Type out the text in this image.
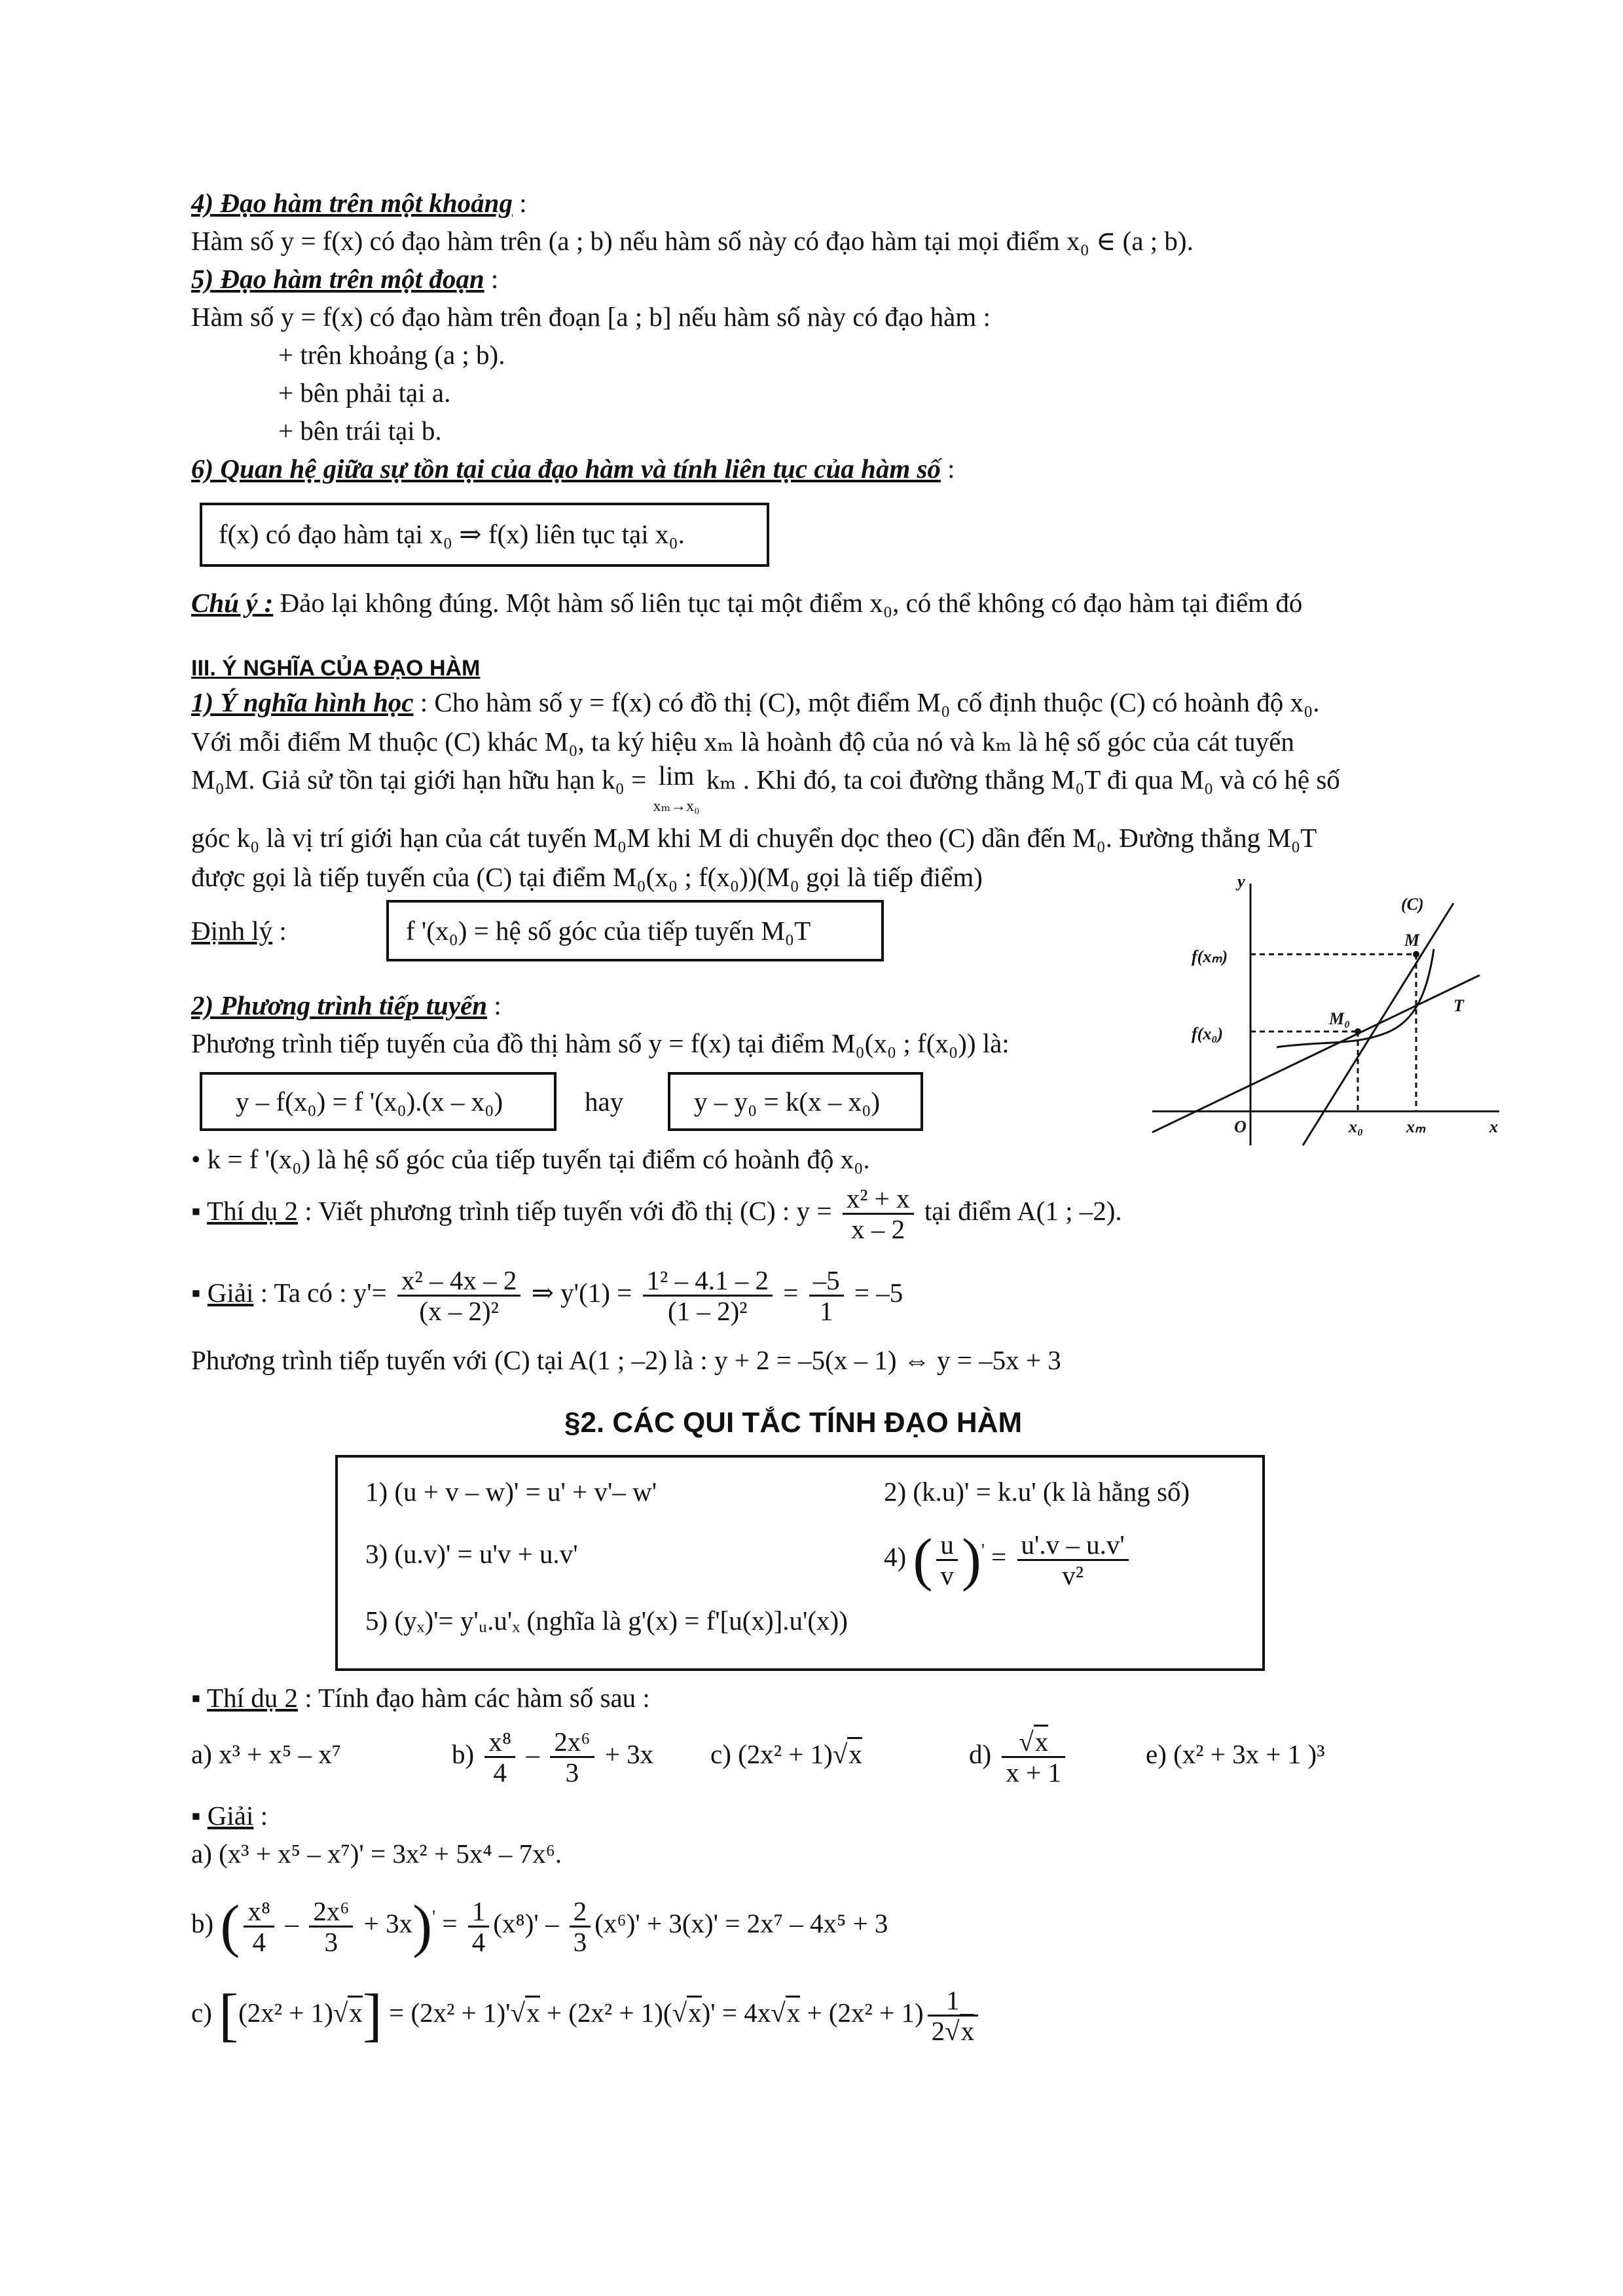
4) Đạo hàm trên một khoảng :
Hàm số y = f(x) có đạo hàm trên (a ; b) nếu hàm số này có đạo hàm tại mọi điểm x₀ ∈ (a ; b).
5) Đạo hàm trên một đoạn :
Hàm số y = f(x) có đạo hàm trên đoạn [a ; b] nếu hàm số này có đạo hàm :
+ trên khoảng (a ; b).
+ bên phải tại a.
+ bên trái tại b.
6) Quan hệ giữa sự tồn tại của đạo hàm và tính liên tục của hàm số :
f(x) có đạo hàm tại x₀ ⇒ f(x) liên tục tại x₀.
Chú ý : Đảo lại không đúng. Một hàm số liên tục tại một điểm x₀, có thể không có đạo hàm tại điểm đó
III. Ý NGHĨA CỦA ĐẠO HÀM
1) Ý nghĩa hình học : Cho hàm số y = f(x) có đồ thị (C), một điểm M₀ cố định thuộc (C) có hoành độ x₀.
Với mỗi điểm M thuộc (C) khác M₀, ta ký hiệu xₘ là hoành độ của nó và kₘ là hệ số góc của cát tuyến
M₀M. Giả sử tồn tại giới hạn hữu hạn k₀ = lim
xₘ→x₀ kₘ . Khi đó, ta coi đường thẳng M₀T đi qua M₀ và có hệ số
góc k₀ là vị trí giới hạn của cát tuyến M₀M khi M di chuyển dọc theo (C) dần đến M₀. Đường thẳng M₀T
được gọi là tiếp tuyến của (C) tại điểm M₀(x₀ ; f(x₀))(M₀ gọi là tiếp điểm)
Định lý :	f '(x₀) = hệ số góc của tiếp tuyến M₀T
y
x
O
(C)
M
T
M₀
f(xₘ)
f(x₀)
x₀	xₘ
2) Phương trình tiếp tuyến :
Phương trình tiếp tuyến của đồ thị hàm số y = f(x) tại điểm M₀(x₀ ; f(x₀)) là:
y – f(x₀) = f '(x₀).(x – x₀)	hay	y – y₀ = k(x – x₀)
• k = f '(x₀) là hệ số góc của tiếp tuyến tại điểm có hoành độ x₀.
▪ Thí dụ 2 : Viết phương trình tiếp tuyến với đồ thị (C) : $y = \frac{\text{x² + x}}{x - 2}$ tại điểm A(1 ; –2).
▪ Giải : Ta có : $y'= \frac{\text{x² – 4x – 2}}{\text{(x – 2)²}}$ ⇒ $y'(1) = \frac{\text{1² – 4.1 – 2}}{\text{(1 – 2)²}} = \frac{-5}{1} = -5$
Phương trình tiếp tuyến với (C) tại A(1 ; –2) là : y + 2 = –5(x – 1) ⇔ y = –5x + 3
§2. CÁC QUI TẮC TÍNH ĐẠO HÀM
1) (u + v – w)' = u' + v'– w'	2) (k.u)' = k.u' (k là hằng số)
3) (u.v)' = u'v + u.v'	4) ( $\frac{u}{v} )' = \frac{u'.v - u.v'}{\text{v²}}$
5) (yₓ)'= y'ᵤ.u'ₓ (nghĩa là g'(x) = f'[u(x)].u'(x))
▪ Thí dụ 2 : Tính đạo hàm các hàm số sau :
a) x³ + x⁵ – x⁷	$b) \frac{\text{x⁸}}{4} - \frac{\text{2x⁶}}{3} + 3x$ c) (2x² + 1)√x	$d) \frac{√x}{x + 1}$	e) (x² + 3x + 1 )³
▪ Giải :
a) (x³ + x⁵ – x⁷)' = 3x² + 5x⁴ – 7x⁶.
b) ( $\frac{\text{x⁸}}{4} - \frac{\text{2x⁶}}{3} + 3x)' = \frac{1}{4} (x^8)' - \frac{2}{3} (x^6)' + 3(x)' = 2x^7 - 4x^5 + 3$
c) $[(2x^2 + 1)√x] = (2x^2 + 1)'√x + (2x^2 + 1)(√x)' = 4x√x + (2x^2 + 1) \frac{1}{2√x}$
